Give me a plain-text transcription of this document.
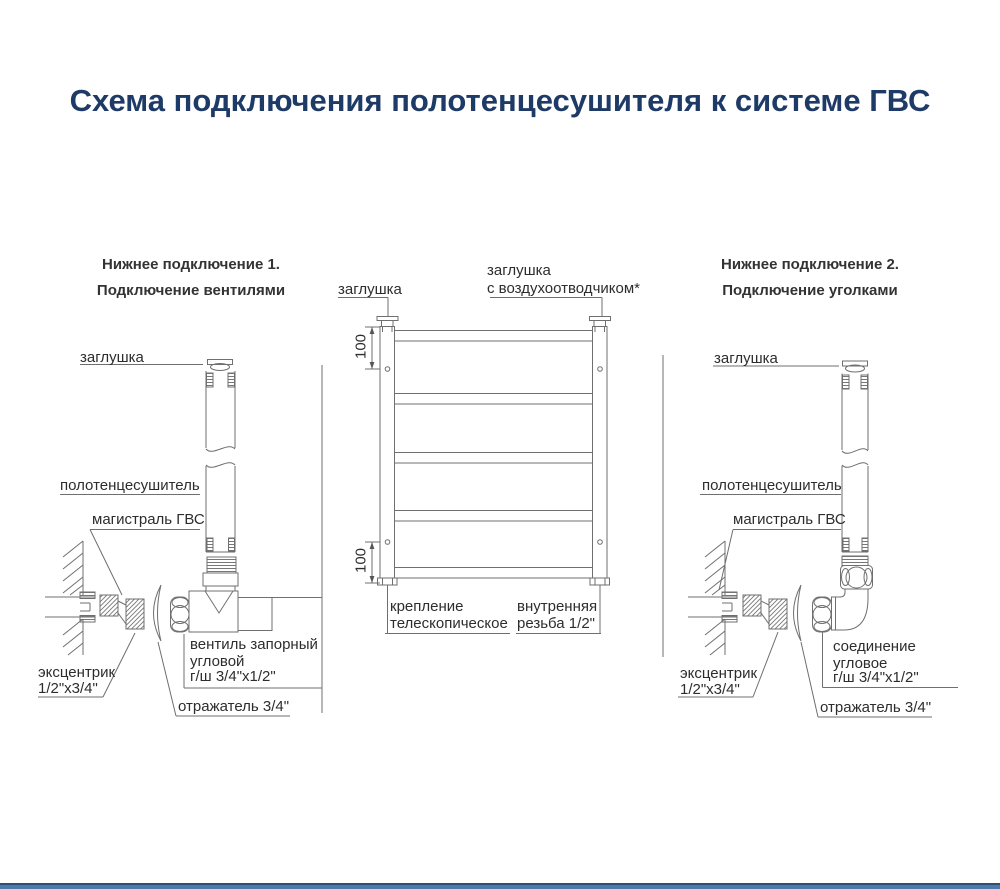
Схема подключения полотенцесушителя к системе ГВС
Нижнее подключение 1.
Подключение вентилями
заглушка
полотенцесушитель
магистраль ГВС
вентиль запорный
угловой
г/ш 3/4"х1/2"
эксцентрик
1/2"х3/4"
отражатель 3/4"
заглушка
заглушка
с воздухоотводчиком*
100
100
крепление
телескопическое
внутренняя
резьба 1/2"
Нижнее подключение 2.
Подключение уголками
заглушка
полотенцесушитель
магистраль ГВС
соединение
угловое
г/ш 3/4"х1/2"
эксцентрик
1/2"х3/4"
отражатель 3/4"
